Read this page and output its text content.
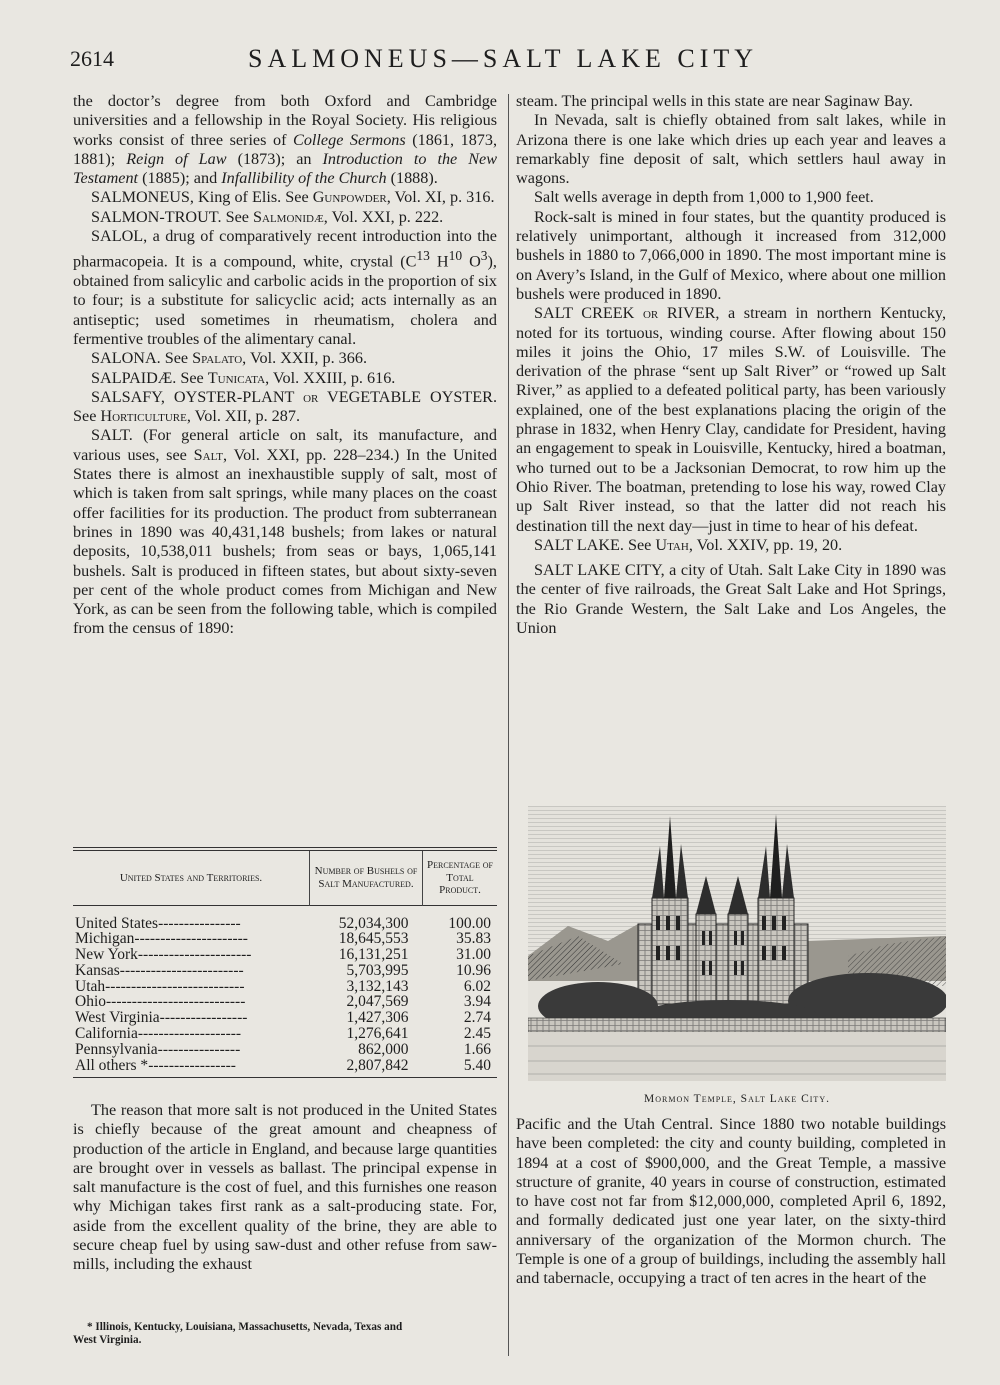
2614	SALMONEUS—SALT LAKE CITY

the doctor’s degree from both Oxford and Cambridge universities and a fellowship in the Royal Society. His religious works consist of three series of College Sermons (1861, 1873, 1881); Reign of Law (1873); an Introduction to the New Testament (1885); and Infallibility of the Church (1888).

SALMONEUS, King of Elis. See Gunpowder, Vol. XI, p. 316.

SALMON-TROUT. See Salmonidæ, Vol. XXI, p. 222.

SALOL, a drug of comparatively recent introduction into the pharmacopeia. It is a compound, white, crystal ($C^{13}$ $H^{10}$ $O^3$), obtained from salicylic and carbolic acids in the proportion of six to four; is a substitute for salicyclic acid; acts internally as an antiseptic; used sometimes in rheumatism, cholera and fermentive troubles of the alimentary canal.

SALONA. See Spalato, Vol. XXII, p. 366.

SALPAIDÆ. See Tunicata, Vol. XXIII, p. 616.

SALSAFY, OYSTER-PLANT or VEGETABLE OYSTER. See Horticulture, Vol. XII, p. 287.

SALT. (For general article on salt, its manufacture, and various uses, see Salt, Vol. XXI, pp. 228–234.) In the United States there is almost an inexhaustible supply of salt, most of which is taken from salt springs, while many places on the coast offer facilities for its production. The product from subterranean brines in 1890 was 40,431,148 bushels; from lakes or natural deposits, 10,538,011 bushels; from seas or bays, 1,065,141 bushels. Salt is produced in fifteen states, but about sixty-seven per cent of the whole product comes from Michigan and New York, as can be seen from the following table, which is compiled from the census of 1890:

United States and Territories.	Number of Bushels of Salt Manufactured.	Percentage of Total Product.
United States----------------	52,034,300	100.00
Michigan----------------------	18,645,553	35.83
New York----------------------	16,131,251	31.00
Kansas------------------------	5,703,995	10.96
Utah---------------------------	3,132,143	6.02
Ohio---------------------------	2,047,569	3.94
West Virginia-----------------	1,427,306	2.74
California--------------------	1,276,641	2.45
Pennsylvania----------------	862,000	1.66
All others *-----------------	2,807,842	5.40

The reason that more salt is not produced in the United States is chiefly because of the great amount and cheapness of production of the article in England, and because large quantities are brought over in vessels as ballast. The principal expense in salt manufacture is the cost of fuel, and this furnishes one reason why Michigan takes first rank as a salt-producing state. For, aside from the excellent quality of the brine, they are able to secure cheap fuel by using saw-dust and other refuse from saw-mills, including the exhaust

* Illinois, Kentucky, Louisiana, Massachusetts, Nevada, Texas and
West Virginia.

steam. The principal wells in this state are near Saginaw Bay.

In Nevada, salt is chiefly obtained from salt lakes, while in Arizona there is one lake which dries up each year and leaves a remarkably fine deposit of salt, which settlers haul away in wagons.

Salt wells average in depth from 1,000 to 1,900 feet.

Rock-salt is mined in four states, but the quantity produced is relatively unimportant, although it increased from 312,000 bushels in 1880 to 7,066,000 in 1890. The most important mine is on Avery’s Island, in the Gulf of Mexico, where about one million bushels were produced in 1890.

SALT CREEK or RIVER, a stream in northern Kentucky, noted for its tortuous, winding course. After flowing about 150 miles it joins the Ohio, 17 miles S.W. of Louisville. The derivation of the phrase “sent up Salt River” or “rowed up Salt River,” as applied to a defeated political party, has been variously explained, one of the best explanations placing the origin of the phrase in 1832, when Henry Clay, candidate for President, having an engagement to speak in Louisville, Kentucky, hired a boatman, who turned out to be a Jacksonian Democrat, to row him up the Ohio River. The boatman, pretending to lose his way, rowed Clay up Salt River instead, so that the latter did not reach his destination till the next day—just in time to hear of his defeat.

SALT LAKE. See Utah, Vol. XXIV, pp. 19, 20.

SALT LAKE CITY, a city of Utah. Salt Lake City in 1890 was the center of five railroads, the Great Salt Lake and Hot Springs, the Rio Grande Western, the Salt Lake and Los Angeles, the Union

Mormon Temple, Salt Lake City.

Pacific and the Utah Central. Since 1880 two notable buildings have been completed: the city and county building, completed in 1894 at a cost of $900,000, and the Great Temple, a massive structure of granite, 40 years in course of construction, estimated to have cost not far from $12,000,000, completed April 6, 1892, and formally dedicated just one year later, on the sixty-third anniversary of the organization of the Mormon church. The Temple is one of a group of buildings, including the assembly hall and tabernacle, occupying a tract of ten acres in the heart of the
